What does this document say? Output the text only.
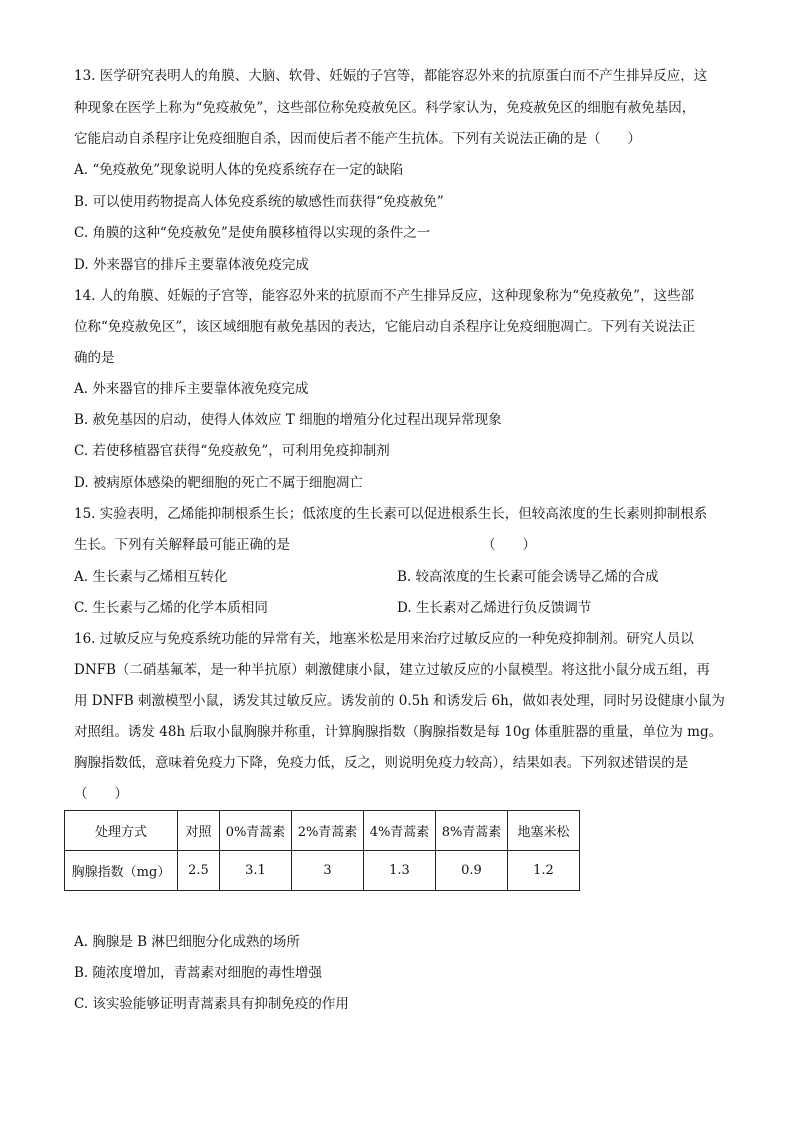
13. 医学研究表明人的角膜、大脑、软骨、妊娠的子宫等，都能容忍外来的抗原蛋白而不产生排异反应，这
种现象在医学上称为“免疫赦免”，这些部位称免疫赦免区。科学家认为，免疫赦免区的细胞有赦免基因，
它能启动自杀程序让免疫细胞自杀，因而使后者不能产生抗体。下列有关说法正确的是（　　）
A. “免疫赦免”现象说明人体的免疫系统存在一定的缺陷
B. 可以使用药物提高人体免疫系统的敏感性而获得“免疫赦免”
C. 角膜的这种“免疫赦免”是使角膜移植得以实现的条件之一
D. 外来器官的排斥主要靠体液免疫完成
14. 人的角膜、妊娠的子宫等，能容忍外来的抗原而不产生排异反应，这种现象称为“免疫赦免”，这些部
位称“免疫赦免区”，该区域细胞有赦免基因的表达，它能启动自杀程序让免疫细胞凋亡。下列有关说法正
确的是
A. 外来器官的排斥主要靠体液免疫完成
B. 赦免基因的启动，使得人体效应 T 细胞的增殖分化过程出现异常现象
C. 若使移植器官获得“免疫赦免”，可利用免疫抑制剂
D. 被病原体感染的靶细胞的死亡不属于细胞凋亡
15. 实验表明，乙烯能抑制根系生长；低浓度的生长素可以促进根系生长，但较高浓度的生长素则抑制根系
生长。下列有关解释最可能正确的是	（　　）
A. 生长素与乙烯相互转化	B. 较高浓度的生长素可能会诱导乙烯的合成
C. 生长素与乙烯的化学本质相同	D. 生长素对乙烯进行负反馈调节
16. 过敏反应与免疫系统功能的异常有关，地塞米松是用来治疗过敏反应的一种免疫抑制剂。研究人员以
DNFB（二硝基氟苯，是一种半抗原）刺激健康小鼠，建立过敏反应的小鼠模型。将这批小鼠分成五组，再
用 DNFB 刺激模型小鼠，诱发其过敏反应。诱发前的 0.5h 和诱发后 6h，做如表处理，同时另设健康小鼠为
对照组。诱发 48h 后取小鼠胸腺并称重，计算胸腺指数（胸腺指数是每 10g 体重脏器的重量，单位为 mg。
胸腺指数低，意味着免疫力下降，免疫力低，反之，则说明免疫力较高），结果如表。下列叙述错误的是
（　　）
处理方式	对照	0%青蒿素	2%青蒿素	4%青蒿素	8%青蒿素	地塞米松
胸腺指数（mg）	2.5	3.1	3	1.3	0.9	1.2
A. 胸腺是 B 淋巴细胞分化成熟的场所
B. 随浓度增加，青蒿素对细胞的毒性增强
C. 该实验能够证明青蒿素具有抑制免疫的作用
